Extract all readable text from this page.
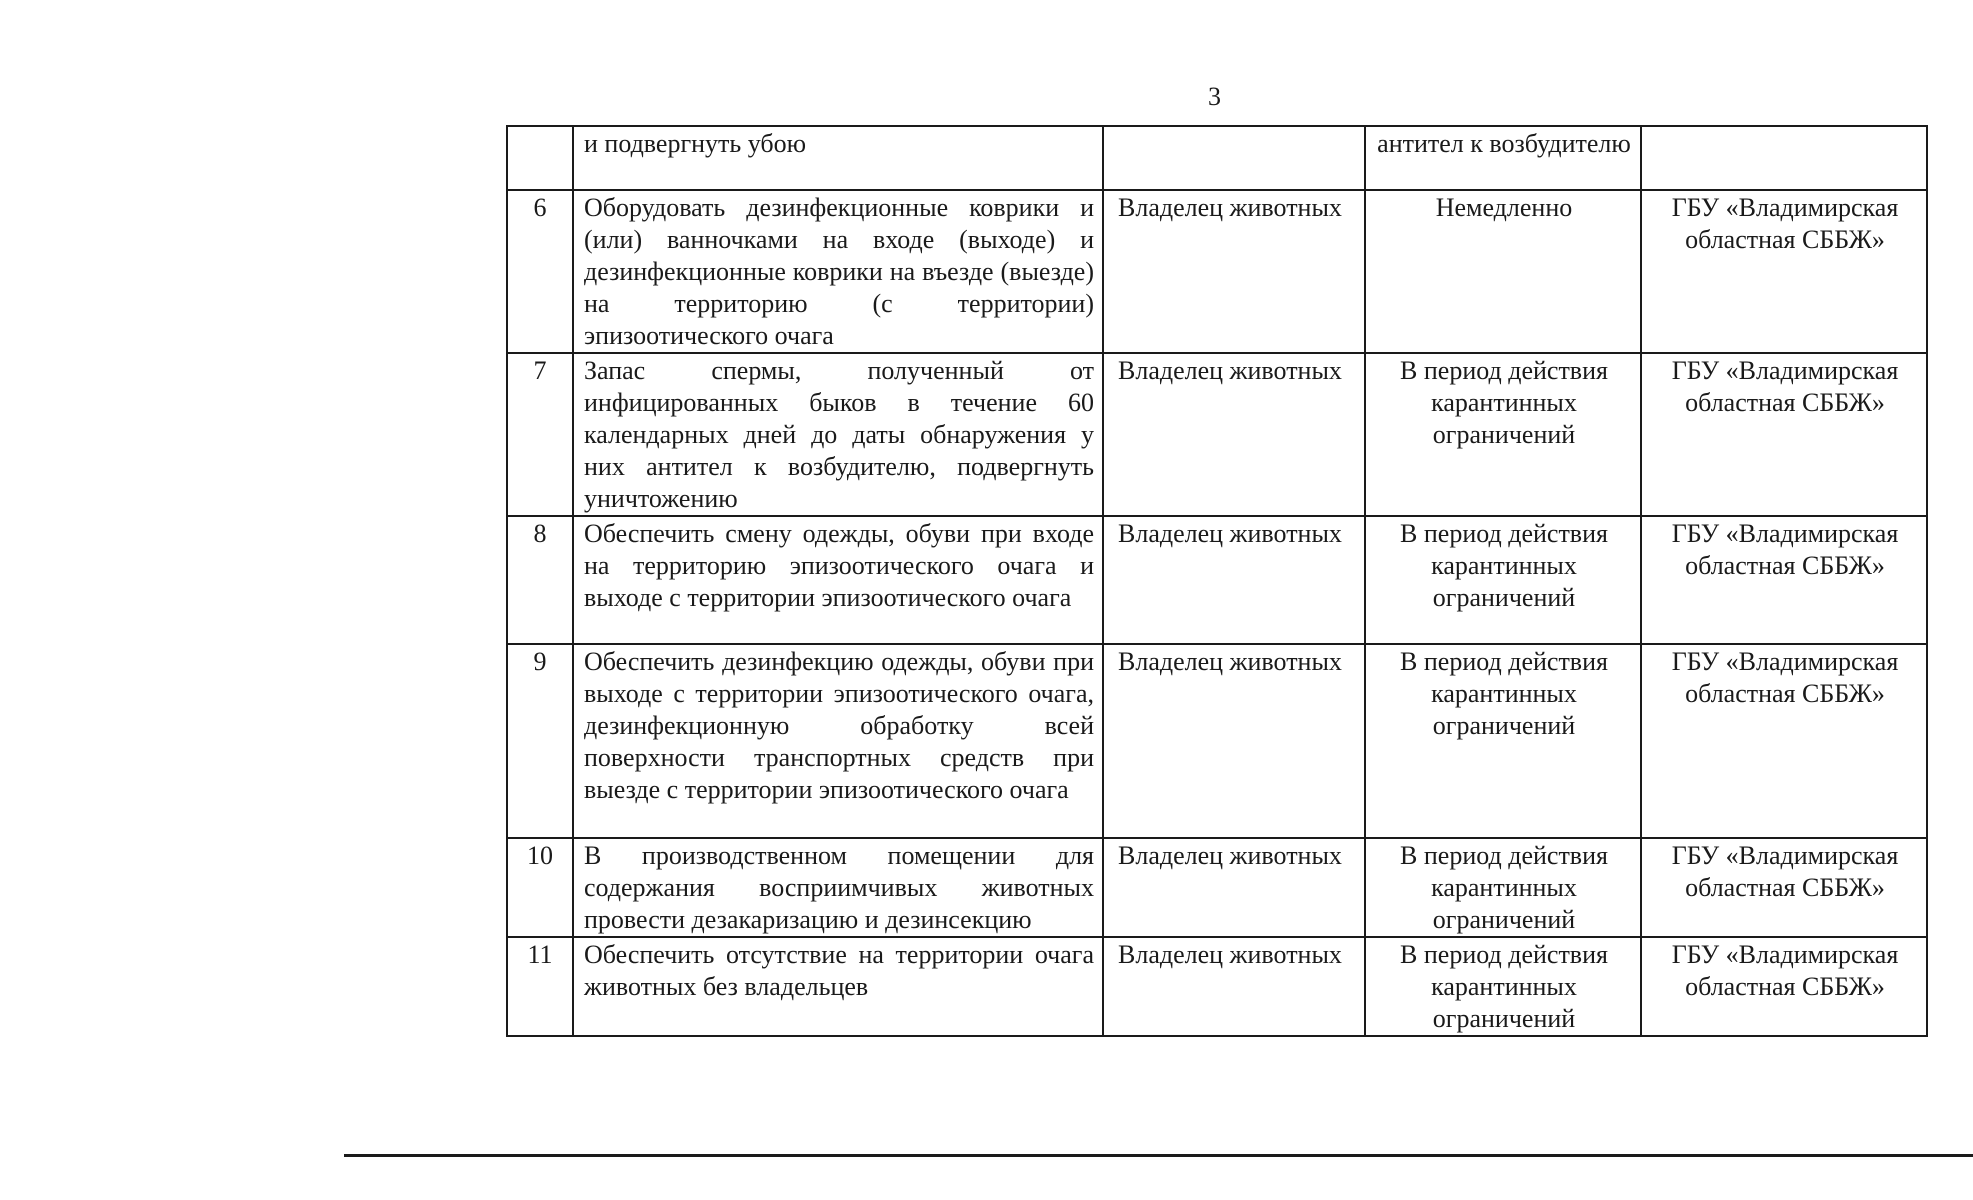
3
	и подвергнуть убою		антител к возбудителю	
6	Оборудовать дезинфекционные коврики и (или) ванночками на входе (выходе) и дезинфекционные коврики на въезде (выезде) на территорию (с территории) эпизоотического очага	Владелец животных	Немедленно	ГБУ «Владимирская областная СББЖ»
7	Запас спермы, полученный от инфицированных быков в течение 60 календарных дней до даты обнаружения у них антител к возбудителю, подвергнуть уничтожению	Владелец животных	В период действия карантинных ограничений	ГБУ «Владимирская областная СББЖ»
8	Обеспечить смену одежды, обуви при входе на территорию эпизоотического очага и выходе с территории эпизоотического очага	Владелец животных	В период действия карантинных ограничений	ГБУ «Владимирская областная СББЖ»
9	Обеспечить дезинфекцию одежды, обуви при выходе с территории эпизоотического очага, дезинфекционную обработку всей поверхности транспортных средств при выезде с территории эпизоотического очага	Владелец животных	В период действия карантинных ограничений	ГБУ «Владимирская областная СББЖ»
10	В производственном помещении для содержания восприимчивых животных провести дезакаризацию и дезинсекцию	Владелец животных	В период действия карантинных ограничений	ГБУ «Владимирская областная СББЖ»
11	Обеспечить отсутствие на территории очага животных без владельцев	Владелец животных	В период действия карантинных ограничений	ГБУ «Владимирская областная СББЖ»
